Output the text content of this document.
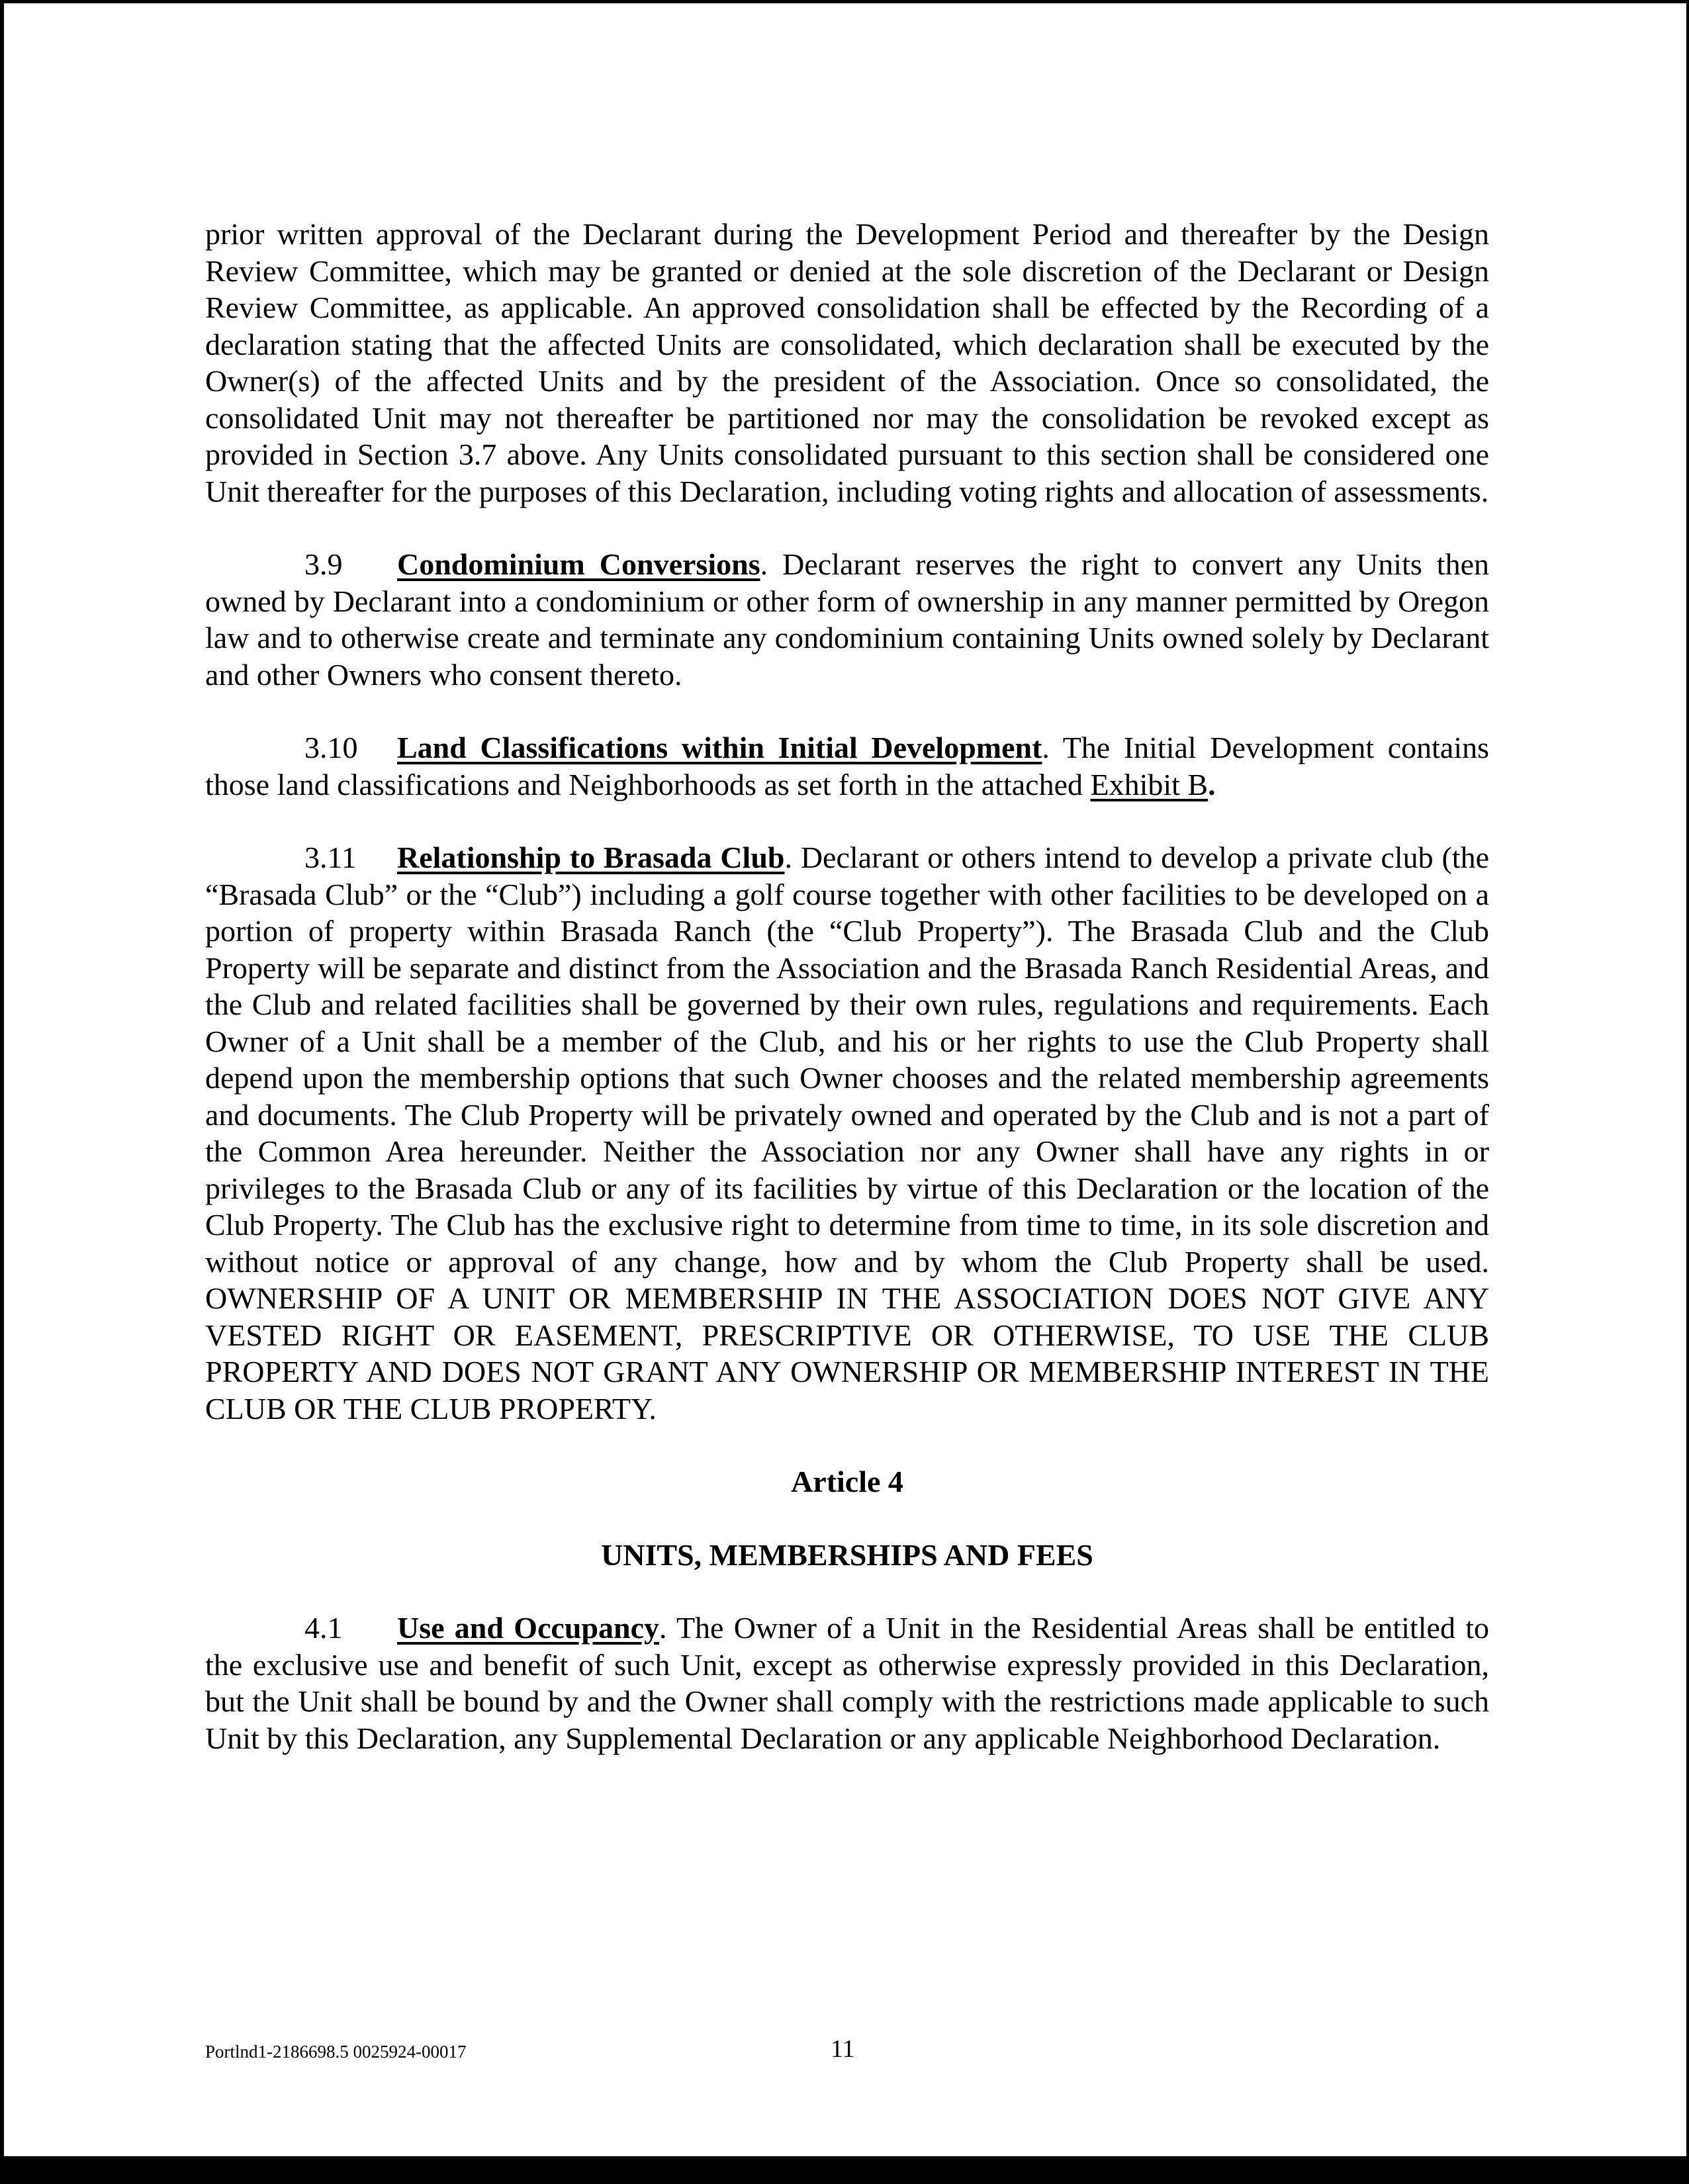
prior written approval of the Declarant during the Development Period and thereafter by the Design Review Committee, which may be granted or denied at the sole discretion of the Declarant or Design Review Committee, as applicable. An approved consolidation shall be effected by the Recording of a declaration stating that the affected Units are consolidated, which declaration shall be executed by the Owner(s) of the affected Units and by the president of the Association. Once so consolidated, the consolidated Unit may not thereafter be partitioned nor may the consolidation be revoked except as provided in Section 3.7 above. Any Units consolidated pursuant to this section shall be considered one Unit thereafter for the purposes of this Declaration, including voting rights and allocation of assessments.

3.9 Condominium Conversions. Declarant reserves the right to convert any Units then owned by Declarant into a condominium or other form of ownership in any manner permitted by Oregon law and to otherwise create and terminate any condominium containing Units owned solely by Declarant and other Owners who consent thereto.

3.10 Land Classifications within Initial Development. The Initial Development contains those land classifications and Neighborhoods as set forth in the attached Exhibit B.

3.11 Relationship to Brasada Club. Declarant or others intend to develop a private club (the “Brasada Club” or the “Club”) including a golf course together with other facilities to be developed on a portion of property within Brasada Ranch (the “Club Property”). The Brasada Club and the Club Property will be separate and distinct from the Association and the Brasada Ranch Residential Areas, and the Club and related facilities shall be governed by their own rules, regulations and requirements. Each Owner of a Unit shall be a member of the Club, and his or her rights to use the Club Property shall depend upon the membership options that such Owner chooses and the related membership agreements and documents. The Club Property will be privately owned and operated by the Club and is not a part of the Common Area hereunder. Neither the Association nor any Owner shall have any rights in or privileges to the Brasada Club or any of its facilities by virtue of this Declaration or the location of the Club Property. The Club has the exclusive right to determine from time to time, in its sole discretion and without notice or approval of any change, how and by whom the Club Property shall be used. OWNERSHIP OF A UNIT OR MEMBERSHIP IN THE ASSOCIATION DOES NOT GIVE ANY VESTED RIGHT OR EASEMENT, PRESCRIPTIVE OR OTHERWISE, TO USE THE CLUB PROPERTY AND DOES NOT GRANT ANY OWNERSHIP OR MEMBERSHIP INTEREST IN THE CLUB OR THE CLUB PROPERTY.

Article 4

UNITS, MEMBERSHIPS AND FEES

4.1 Use and Occupancy. The Owner of a Unit in the Residential Areas shall be entitled to the exclusive use and benefit of such Unit, except as otherwise expressly provided in this Declaration, but the Unit shall be bound by and the Owner shall comply with the restrictions made applicable to such Unit by this Declaration, any Supplemental Declaration or any applicable Neighborhood Declaration.

Portlnd1-2186698.5 0025924-00017	11
